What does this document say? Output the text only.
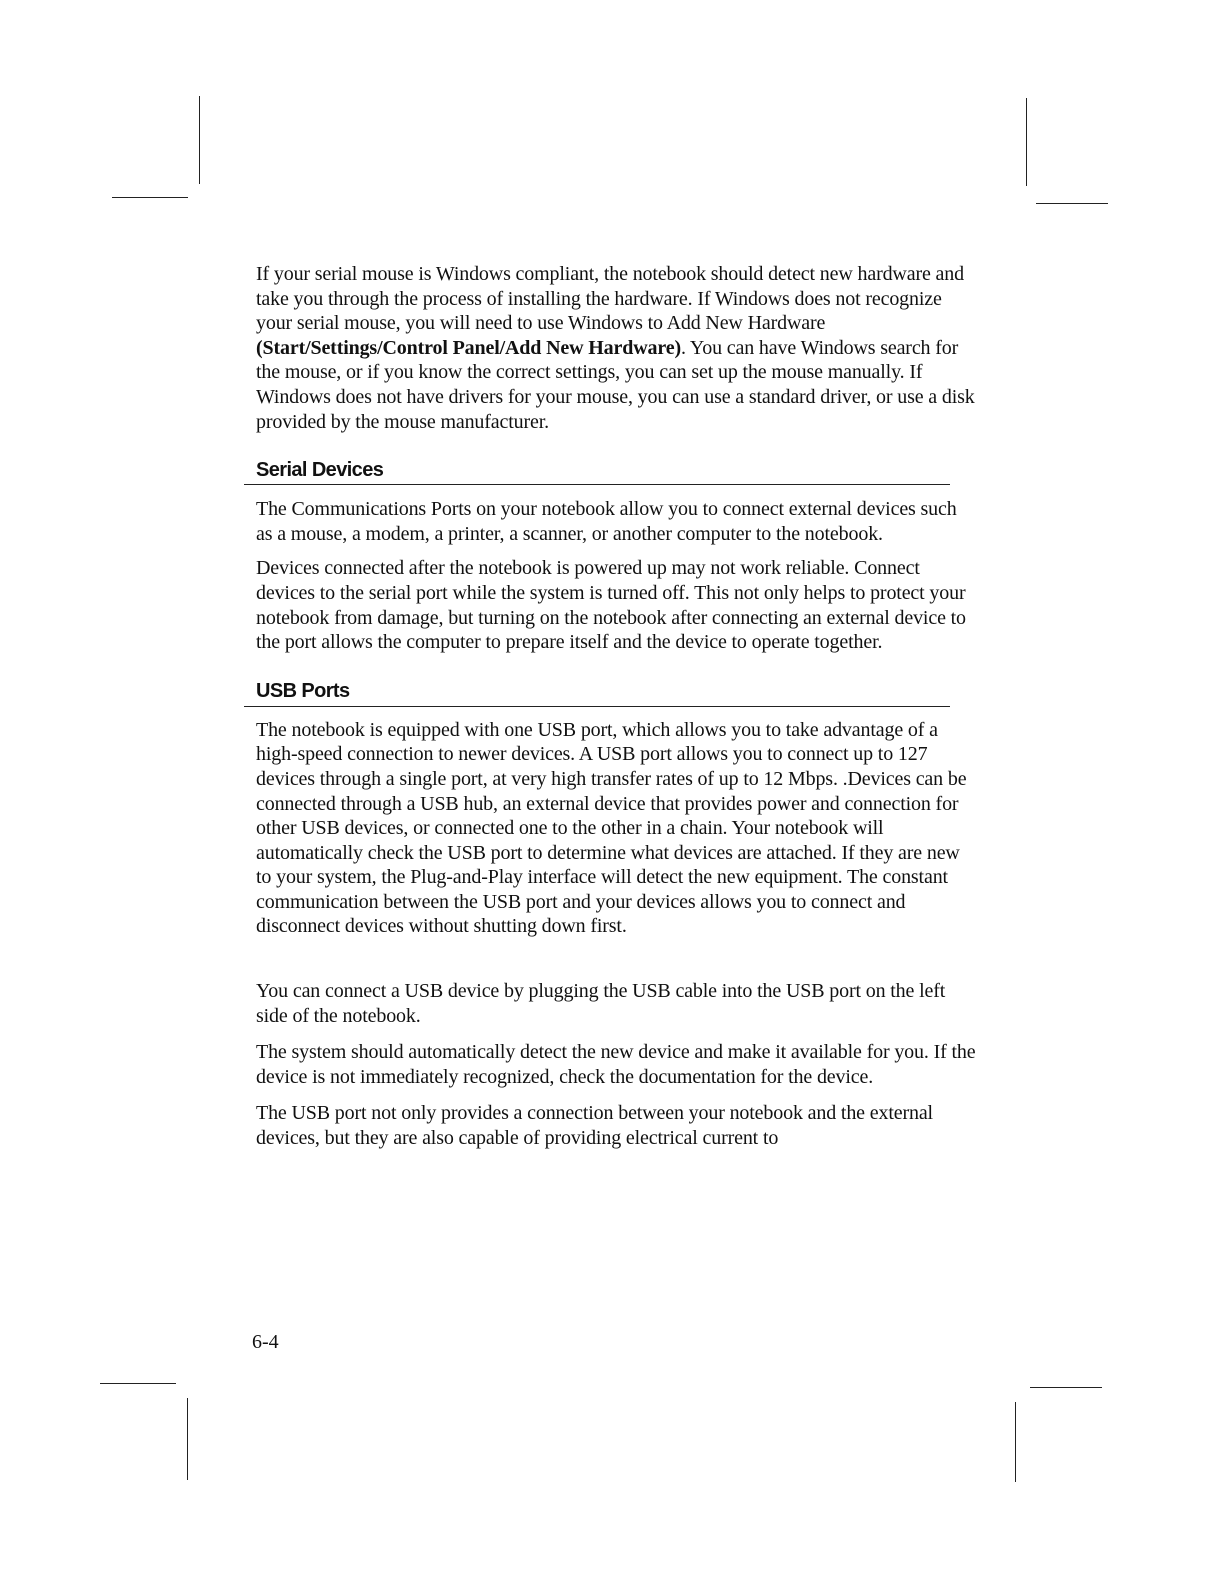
If your serial mouse is Windows compliant, the notebook should detect new hardware and take you through the process of installing the hardware. If Windows does not recognize your serial mouse, you will need to use Windows to Add New Hardware (Start/Settings/Control Panel/Add New Hardware). You can have Windows search for the mouse, or if you know the correct settings, you can set up the mouse manually. If Windows does not have drivers for your mouse, you can use a standard driver, or use a disk provided by the mouse manufacturer.

Serial Devices

The Communications Ports on your notebook allow you to connect external devices such as a mouse, a modem, a printer, a scanner, or another computer to the notebook.

Devices connected after the notebook is powered up may not work reliable. Connect devices to the serial port while the system is turned off. This not only helps to protect your notebook from damage, but turning on the notebook after connecting an external device to the port allows the computer to prepare itself and the device to operate together.

USB Ports

The notebook is equipped with one USB port, which allows you to take advantage of a high-speed connection to newer devices. A USB port allows you to connect up to 127 devices through a single port, at very high transfer rates of up to 12 Mbps. .Devices can be connected through a USB hub, an external device that provides power and connection for other USB devices, or connected one to the other in a chain. Your notebook will automatically check the USB port to determine what devices are attached. If they are new to your system, the Plug-and-Play interface will detect the new equipment. The constant communication between the USB port and your devices allows you to connect and disconnect devices without shutting down first.

You can connect a USB device by plugging the USB cable into the USB port on the left side of the notebook.

The system should automatically detect the new device and make it available for you. If the device is not immediately recognized, check the documentation for the device.

The USB port not only provides a connection between your notebook and the external devices, but they are also capable of providing electrical current to

6-4
